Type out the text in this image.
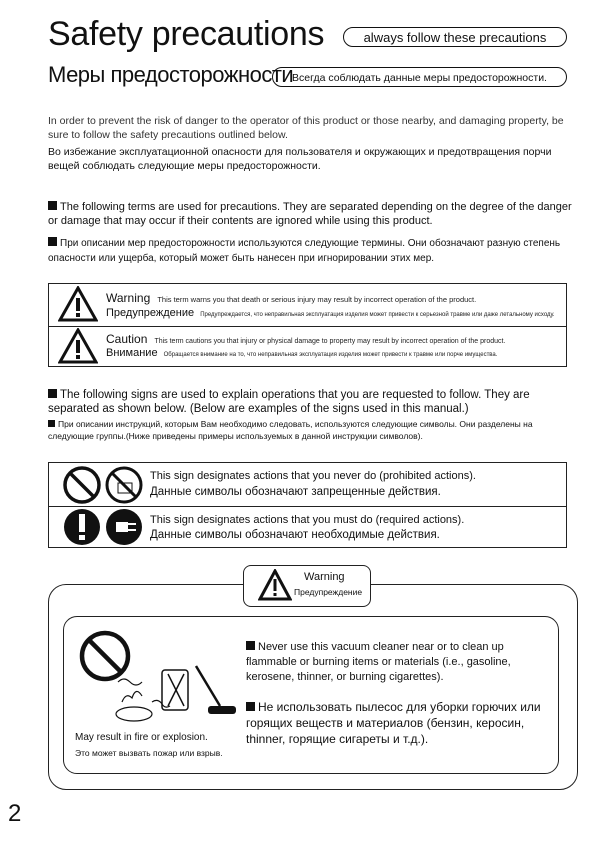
Safety precautions	always follow these precautions
Меры предосторожности
Всегда соблюдать данные меры предосторожности.
In order to prevent the risk of danger to the operator of this product or those nearby, and damaging property, be sure to follow the safety precautions outlined below.
Во избежание эксплуатационной опасности для пользователя и окружающих и предотвращения порчи вещей соблюдать следующие меры предосторожности.
The following terms are used for precautions. They are separated depending on the degree of the danger or damage that may occur if their contents are ignored while using this product.
При описании мер предосторожности используются следующие термины. Они обозначают разную степень опасности или ущерба, который может быть нанесен при игнорировании этих мер.
Warning This term warns you that death or serious injury may result by incorrect operation of the product.
Предупреждение Предупреждается, что неправильная эксплуатация изделия может привести к серьезной травме или даже летальному исходу.
Caution This term cautions you that injury or physical damage to property may result by incorrect operation of the product.
Внимание Обращается внимание на то, что неправильная эксплуатация изделия может привести к травме или порче имущества.
The following signs are used to explain operations that you are requested to follow. They are separated as shown below. (Below are examples of the signs used in this manual.)
При описании инструкций, которым Вам необходимо следовать, используются следующие символы. Они разделены на следующие группы.(Ниже приведены примеры используемых в данной инструкции символов).
This sign designates actions that you never do (prohibited actions).
Данные символы обозначают запрещенные действия.
This sign designates actions that you must do (required actions).
Данные символы обозначают необходимые действия.
Warning
Предупреждение
May result in fire or explosion.
Это может вызвать пожар или взрыв.
Never use this vacuum cleaner near or to clean up flammable or burning items or materials (i.e., gasoline, kerosene, thinner, or burning cigarettes).
Не использовать пылесос для уборки горючих или горящих веществ и материалов (бензин, керосин, thinner, горящие сигареты и т.д.).
2
